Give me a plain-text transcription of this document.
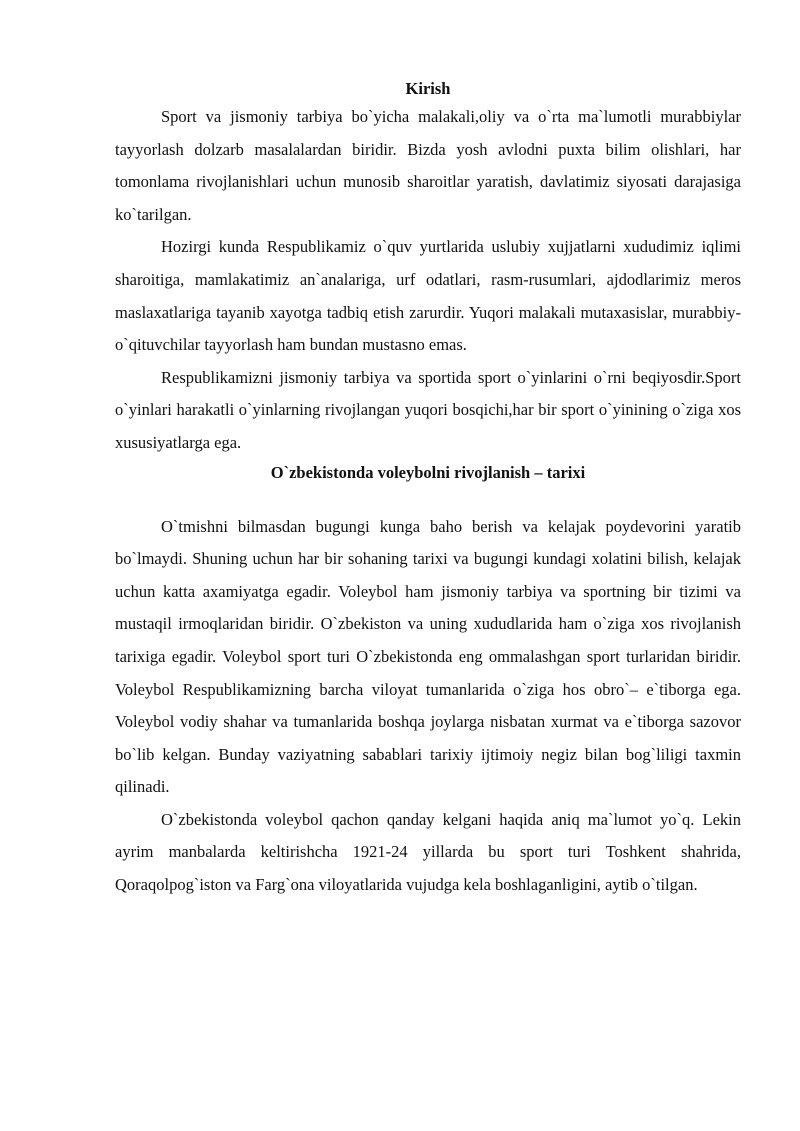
Kirish

Sport va jismoniy tarbiya bo`yicha malakali,oliy va o`rta ma`lumotli murabbiylar tayyorlash dolzarb masalalardan biridir. Bizda yosh avlodni puxta bilim olishlari, har tomonlama rivojlanishlari uchun munosib sharoitlar yaratish, davlatimiz siyosati darajasiga ko`tarilgan.

Hozirgi kunda Respublikamiz o`quv yurtlarida uslubiy xujjatlarni xududimiz iqlimi sharoitiga, mamlakatimiz an`analariga, urf odatlari, rasm-rusumlari, ajdodlarimiz meros maslaxatlariga tayanib xayotga tadbiq etish zarurdir. Yuqori malakali mutaxasislar, murabbiy-o`qituvchilar tayyorlash ham bundan mustasno emas.

Respublikamizni jismoniy tarbiya va sportida sport o`yinlarini o`rni beqiyosdir.Sport o`yinlari harakatli o`yinlarning rivojlangan yuqori bosqichi,har bir sport o`yinining o`ziga xos xususiyatlarga ega.

O`zbekistonda voleybolni rivojlanish – tarixi

O`tmishni bilmasdan bugungi kunga baho berish va kelajak poydevorini yaratib bo`lmaydi. Shuning uchun har bir sohaning tarixi va bugungi kundagi xolatini bilish, kelajak uchun katta axamiyatga egadir. Voleybol ham jismoniy tarbiya va sportning bir tizimi va mustaqil irmoqlaridan biridir. O`zbekiston va uning xududlarida ham o`ziga xos rivojlanish tarixiga egadir. Voleybol sport turi O`zbekistonda eng ommalashgan sport turlaridan biridir. Voleybol Respublikamizning barcha viloyat tumanlarida o`ziga hos obro`– e`tiborga ega. Voleybol vodiy shahar va tumanlarida boshqa joylarga nisbatan xurmat va e`tiborga sazovor bo`lib kelgan. Bunday vaziyatning sabablari tarixiy ijtimoiy negiz bilan bog`liligi taxmin qilinadi.

O`zbekistonda voleybol qachon qanday kelgani haqida aniq ma`lumot yo`q. Lekin ayrim manbalarda keltirishcha 1921-24 yillarda bu sport turi Toshkent shahrida, Qoraqolpog`iston va Farg`ona viloyatlarida vujudga kela boshlaganligini, aytib o`tilgan.
